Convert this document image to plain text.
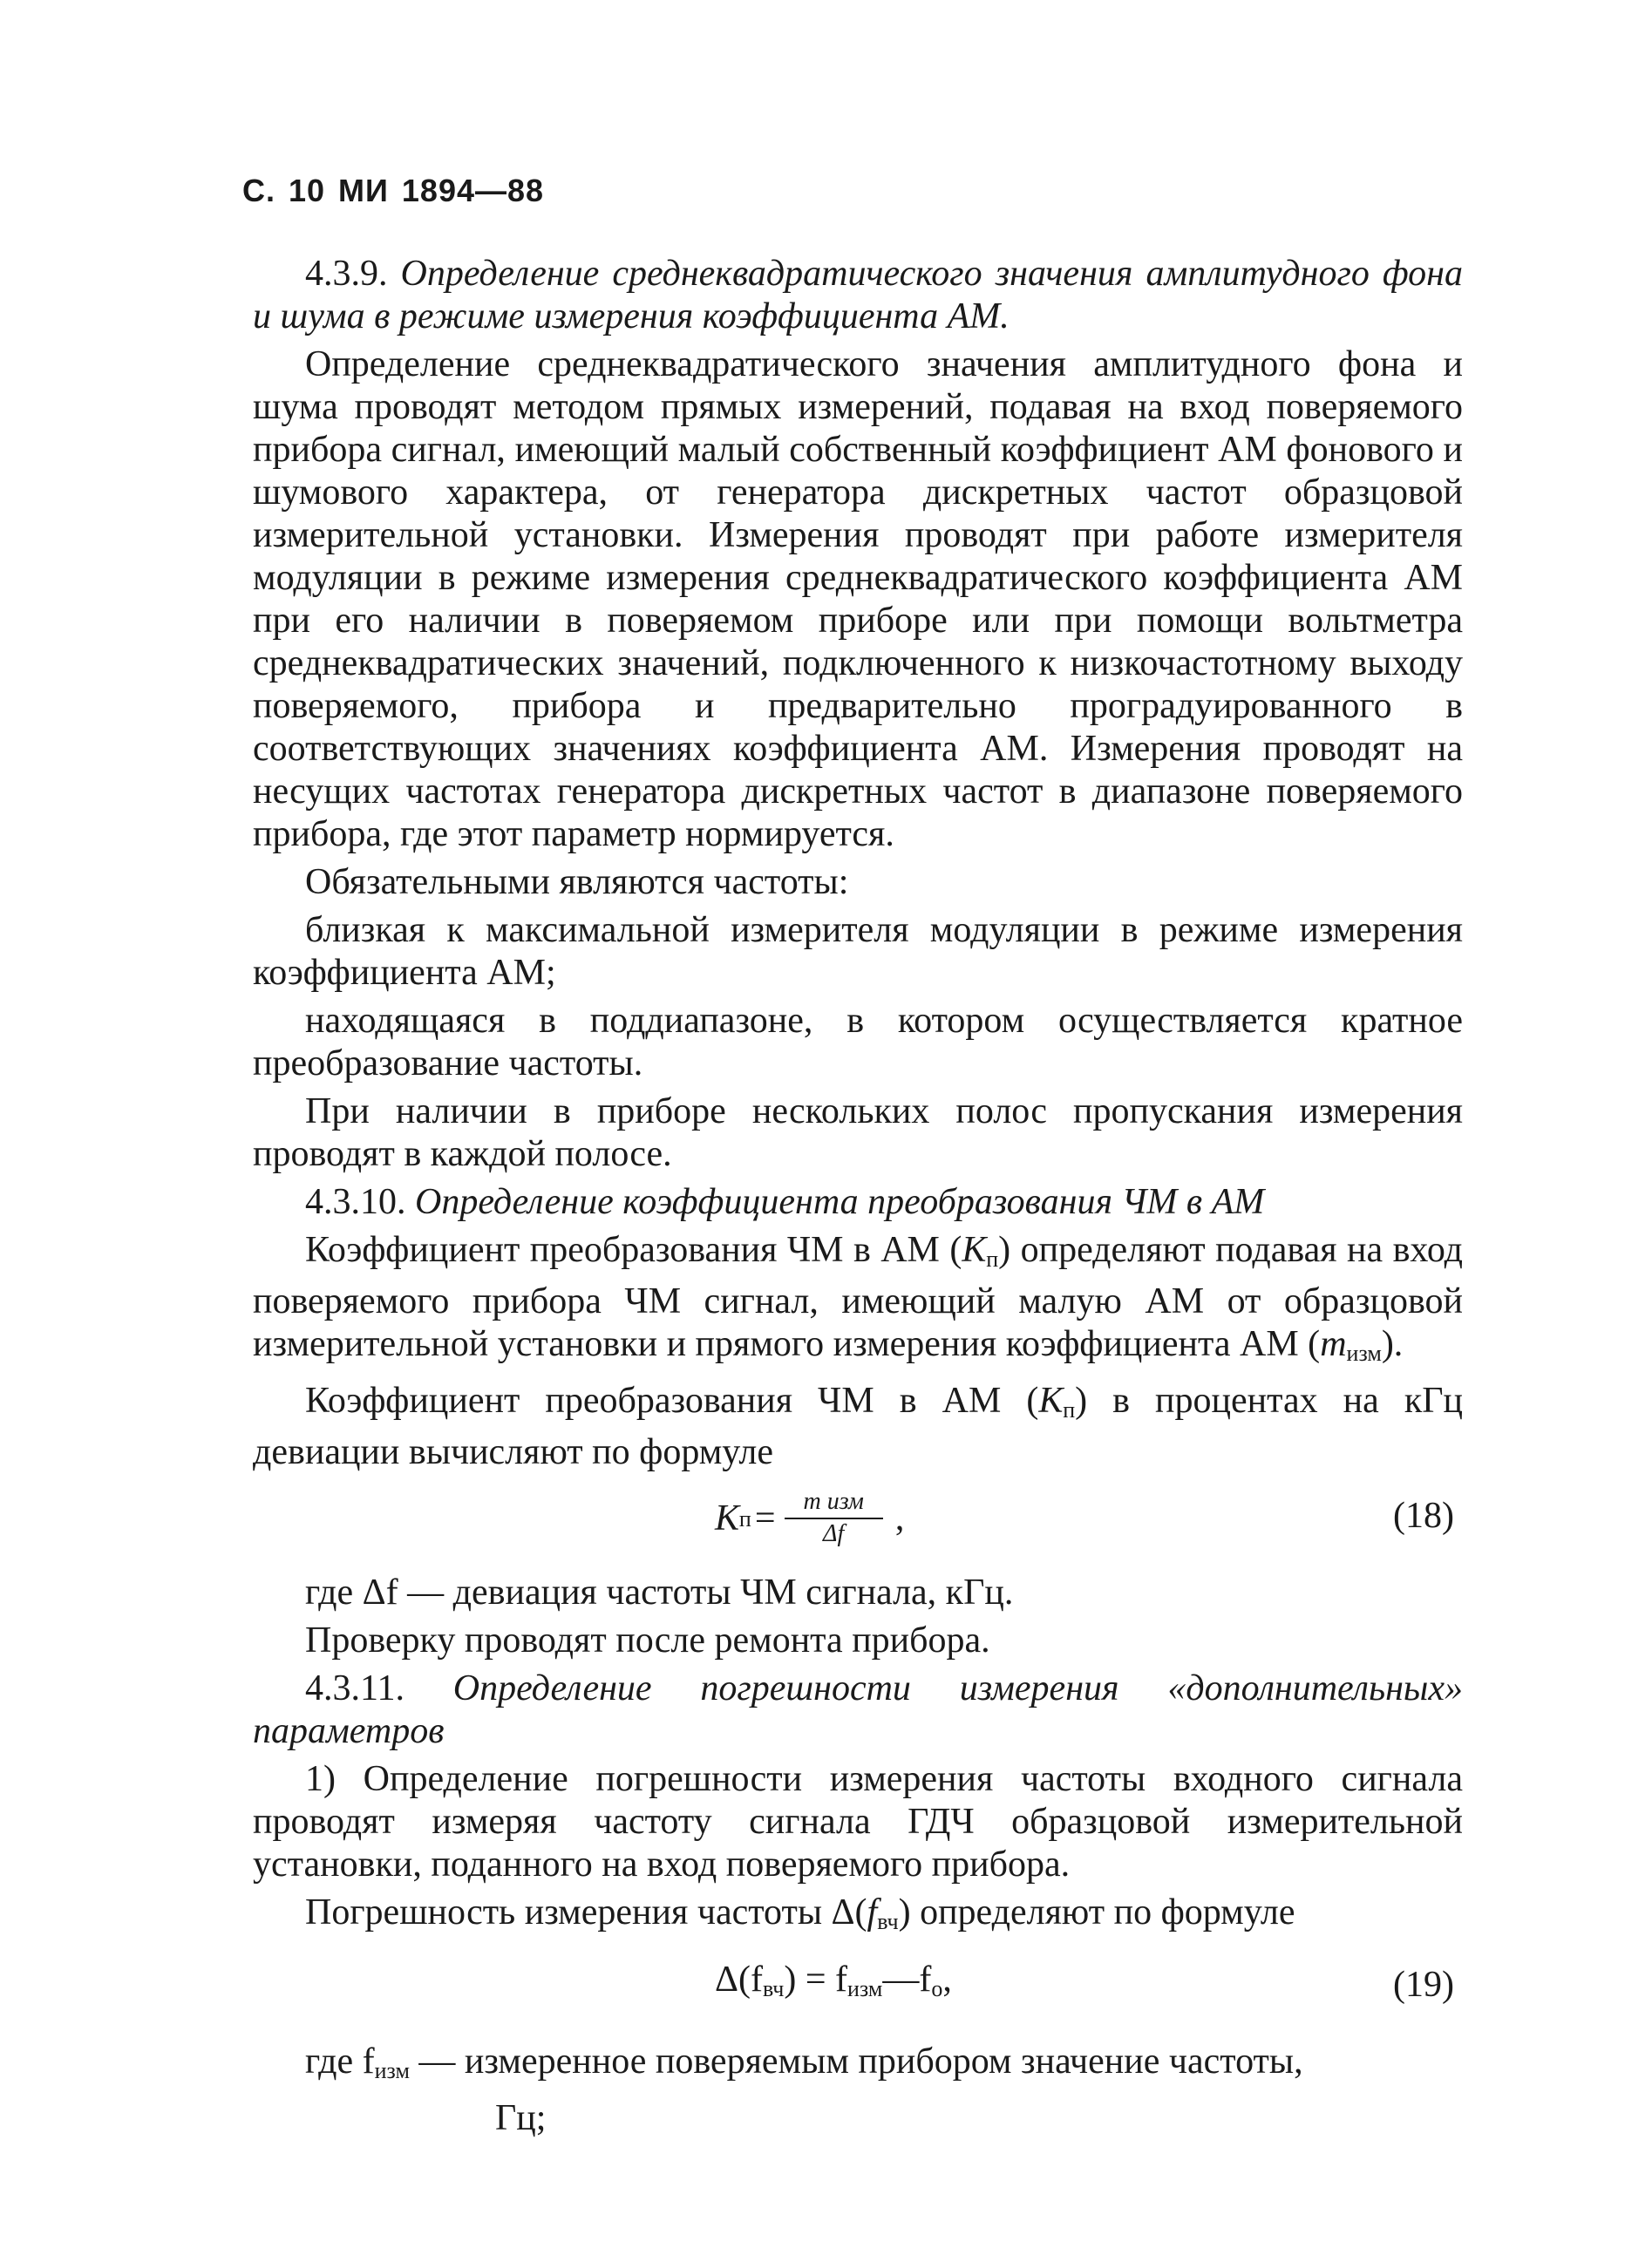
С. 10 МИ 1894—88

4.3.9. Определение среднеквадратического значения амплитудного фона и шума в режиме измерения коэффициента АМ.

Определение среднеквадратического значения амплитудного фона и шума проводят методом прямых измерений, подавая на вход поверяемого прибора сигнал, имеющий малый собственный коэффициент АМ фонового и шумового характера, от генератора дискретных частот образцовой измерительной установки. Измерения проводят при работе измерителя модуляции в режиме измерения среднеквадратического коэффициента АМ при его наличии в поверяемом приборе или при помощи вольтметра среднеквадратических значений, подключенного к низкочастотному выходу поверяемого, прибора и предварительно проградуированного в соответствующих значениях коэффициента АМ. Измерения проводят на несущих частотах генератора дискретных частот в диапазоне поверяемого прибора, где этот параметр нормируется.

Обязательными являются частоты:

близкая к максимальной измерителя модуляции в режиме измерения коэффициента АМ;

находящаяся в поддиапазоне, в котором осуществляется кратное преобразование частоты.

При наличии в приборе нескольких полос пропускания измерения проводят в каждой полосе.

4.3.10. Определение коэффициента преобразования ЧМ в АМ

Коэффициент преобразования ЧМ в АМ $(К_п)$ определяют подавая на вход поверяемого прибора ЧМ сигнал, имеющий малую АМ от образцовой измерительной установки и прямого измерения коэффициента АМ $(m_{изм})$.

Коэффициент преобразования ЧМ в АМ $(К_п)$ в процентах на кГц девиации вычисляют по формуле

К $п = \frac{\text{m изм}}{\Delta f}$ ,	(18)

где Δf — девиация частоты ЧМ сигнала, кГц.

Проверку проводят после ремонта прибора.

4.3.11. Определение погрешности измерения «дополнительных» параметров

1) Определение погрешности измерения частоты входного сигнала проводят измеряя частоту сигнала ГДЧ образцовой измерительной установки, поданного на вход поверяемого прибора.

Погрешность измерения частоты $\Delta(f_{вч})$ определяют по формуле

$\Delta(f_{вч})$ = $f_{изм}—f_о$,	(19)

где $f_{изм}$ — измеренное поверяемым прибором значение частоты,

Гц;
